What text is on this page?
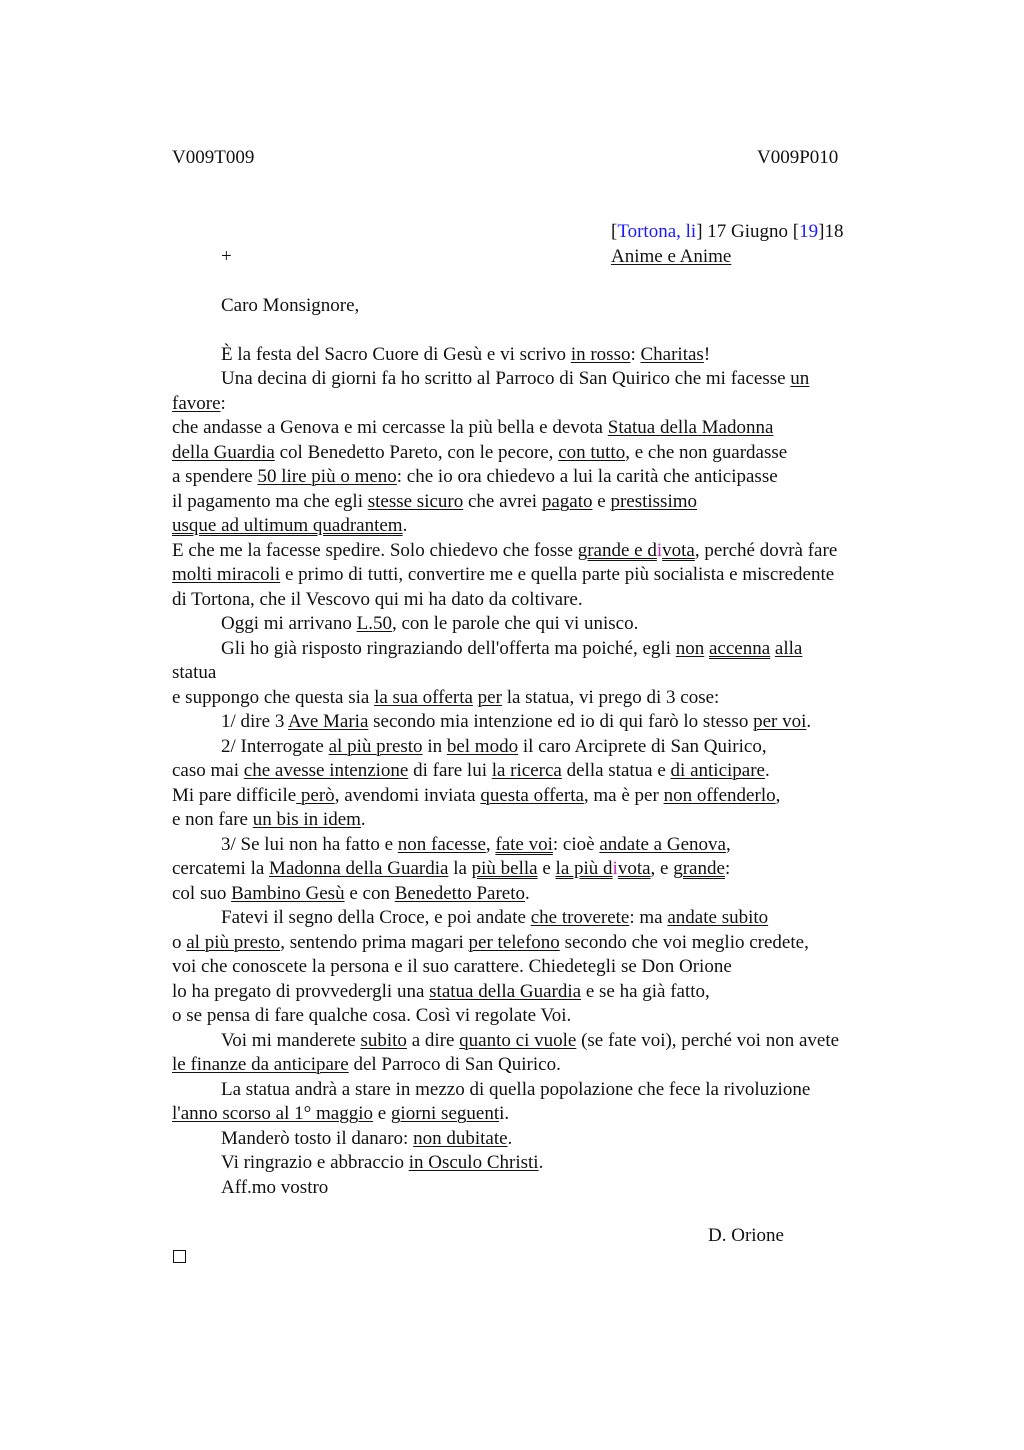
V009T009	V009P010
[Tortona, li] 17 Giugno [19]18
+	Anime e Anime
Caro Monsignore,
È la festa del Sacro Cuore di Gesù e vi scrivo in rosso: Charitas!
Una decina di giorni fa ho scritto al Parroco di San Quirico che mi facesse un
favore:
che andasse a Genova e mi cercasse la più bella e devota Statua della Madonna
della Guardia col Benedetto Pareto, con le pecore, con tutto, e che non guardasse
a spendere 50 lire più o meno: che io ora chiedevo a lui la carità che anticipasse
il pagamento ma che egli stesse sicuro che avrei pagato e prestissimo
usque ad ultimum quadrantem.
E che me la facesse spedire. Solo chiedevo che fosse grande e divota, perché dovrà fare
molti miracoli e primo di tutti, convertire me e quella parte più socialista e miscredente
di Tortona, che il Vescovo qui mi ha dato da coltivare.
Oggi mi arrivano L.50, con le parole che qui vi unisco.
Gli ho già risposto ringraziando dell'offerta ma poiché, egli non accenna alla
statua
e suppongo che questa sia la sua offerta per la statua, vi prego di 3 cose:
1/ dire 3 Ave Maria secondo mia intenzione ed io di qui farò lo stesso per voi.
2/ Interrogate al più presto in bel modo il caro Arciprete di San Quirico,
caso mai che avesse intenzione di fare lui la ricerca della statua e di anticipare.
Mi pare difficile però, avendomi inviata questa offerta, ma è per non offenderlo,
e non fare un bis in idem.
3/ Se lui non ha fatto e non facesse, fate voi: cioè andate a Genova,
cercatemi la Madonna della Guardia la più bella e la più divota, e grande:
col suo Bambino Gesù e con Benedetto Pareto.
Fatevi il segno della Croce, e poi andate che troverete: ma andate subito
o al più presto, sentendo prima magari per telefono secondo che voi meglio credete,
voi che conoscete la persona e il suo carattere. Chiedetegli se Don Orione
lo ha pregato di provvedergli una statua della Guardia e se ha già fatto,
o se pensa di fare qualche cosa. Così vi regolate Voi.
Voi mi manderete subito a dire quanto ci vuole (se fate voi), perché voi non avete
le finanze da anticipare del Parroco di San Quirico.
La statua andrà a stare in mezzo di quella popolazione che fece la rivoluzione
l'anno scorso al 1° maggio e giorni seguenti.
Manderò tosto il danaro: non dubitate.
Vi ringrazio e abbraccio in Osculo Christi.
Aff.mo vostro
D. Orione
